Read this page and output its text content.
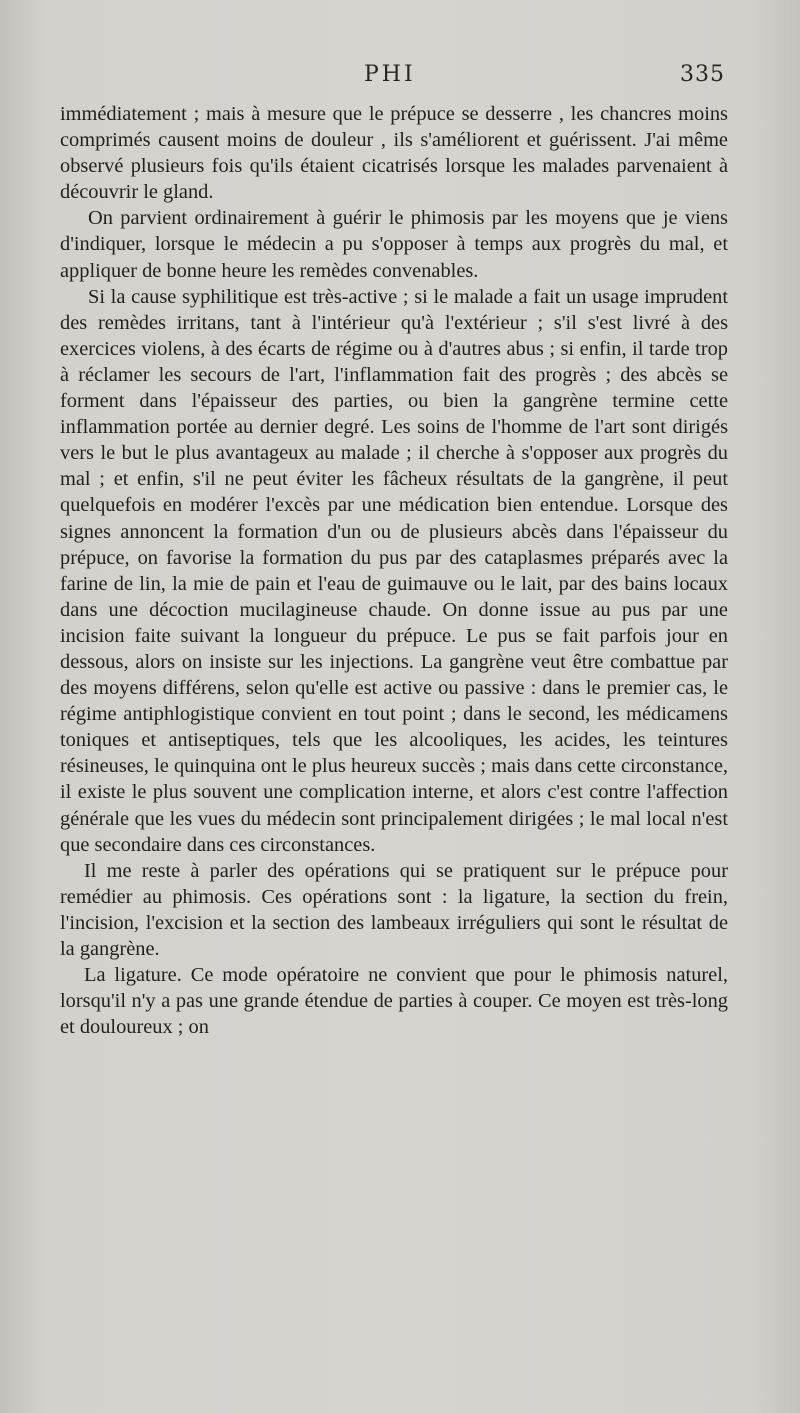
PHI	335

immédiatement ; mais à mesure que le prépuce se desserre , les chancres moins comprimés causent moins de douleur , ils s'améliorent et guérissent. J'ai même observé plusieurs fois qu'ils étaient cicatrisés lorsque les malades parvenaient à découvrir le gland.

On parvient ordinairement à guérir le phimosis par les moyens que je viens d'indiquer, lorsque le médecin a pu s'opposer à temps aux progrès du mal, et appliquer de bonne heure les remèdes convenables.

Si la cause syphilitique est très-active ; si le malade a fait un usage imprudent des remèdes irritans, tant à l'intérieur qu'à l'extérieur ; s'il s'est livré à des exercices violens, à des écarts de régime ou à d'autres abus ; si enfin, il tarde trop à réclamer les secours de l'art, l'inflammation fait des progrès ; des abcès se forment dans l'épaisseur des parties, ou bien la gangrène termine cette inflammation portée au dernier degré. Les soins de l'homme de l'art sont dirigés vers le but le plus avantageux au malade ; il cherche à s'opposer aux progrès du mal ; et enfin, s'il ne peut éviter les fâcheux résultats de la gangrène, il peut quelquefois en modérer l'excès par une médication bien entendue. Lorsque des signes annoncent la formation d'un ou de plusieurs abcès dans l'épaisseur du prépuce, on favorise la formation du pus par des cataplasmes préparés avec la farine de lin, la mie de pain et l'eau de guimauve ou le lait, par des bains locaux dans une décoction mucilagineuse chaude. On donne issue au pus par une incision faite suivant la longueur du prépuce. Le pus se fait parfois jour en dessous, alors on insiste sur les injections. La gangrène veut être combattue par des moyens différens, selon qu'elle est active ou passive : dans le premier cas, le régime antiphlogistique convient en tout point ; dans le second, les médicamens toniques et antiseptiques, tels que les alcooliques, les acides, les teintures résineuses, le quinquina ont le plus heureux succès ; mais dans cette circonstance, il existe le plus souvent une complication interne, et alors c'est contre l'affection générale que les vues du médecin sont principalement dirigées ; le mal local n'est que secondaire dans ces circonstances.

Il me reste à parler des opérations qui se pratiquent sur le prépuce pour remédier au phimosis. Ces opérations sont : la ligature, la section du frein, l'incision, l'excision et la section des lambeaux irréguliers qui sont le résultat de la gangrène.

La ligature. Ce mode opératoire ne convient que pour le phimosis naturel, lorsqu'il n'y a pas une grande étendue de parties à couper. Ce moyen est très-long et douloureux ; on
